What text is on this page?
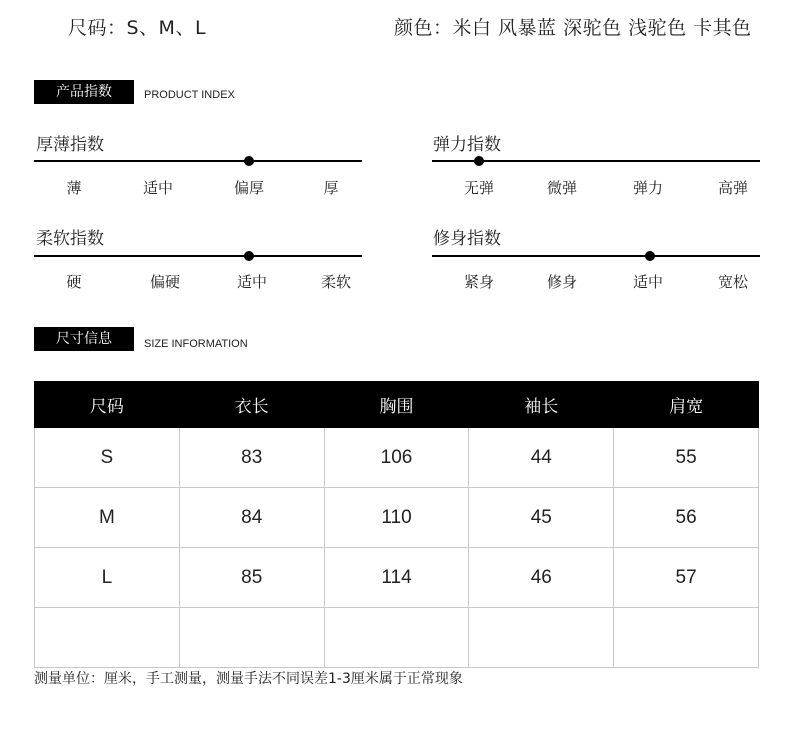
尺码：S、M、L	颜色：米白 风暴蓝 深驼色 浅驼色 卡其色
产品指数	PRODUCT INDEX
厚薄指数
薄	适中	偏厚	厚
弹力指数
无弹	微弹	弹力	高弹
柔软指数
硬	偏硬	适中	柔软
修身指数
紧身	修身	适中	宽松
尺寸信息	SIZE INFORMATION
尺码	衣长	胸围	袖长	肩宽
S	83	106	44	55
M	84	110	45	56
L	85	114	46	57

测量单位：厘米，手工测量，测量手法不同误差1-3厘米属于正常现象
